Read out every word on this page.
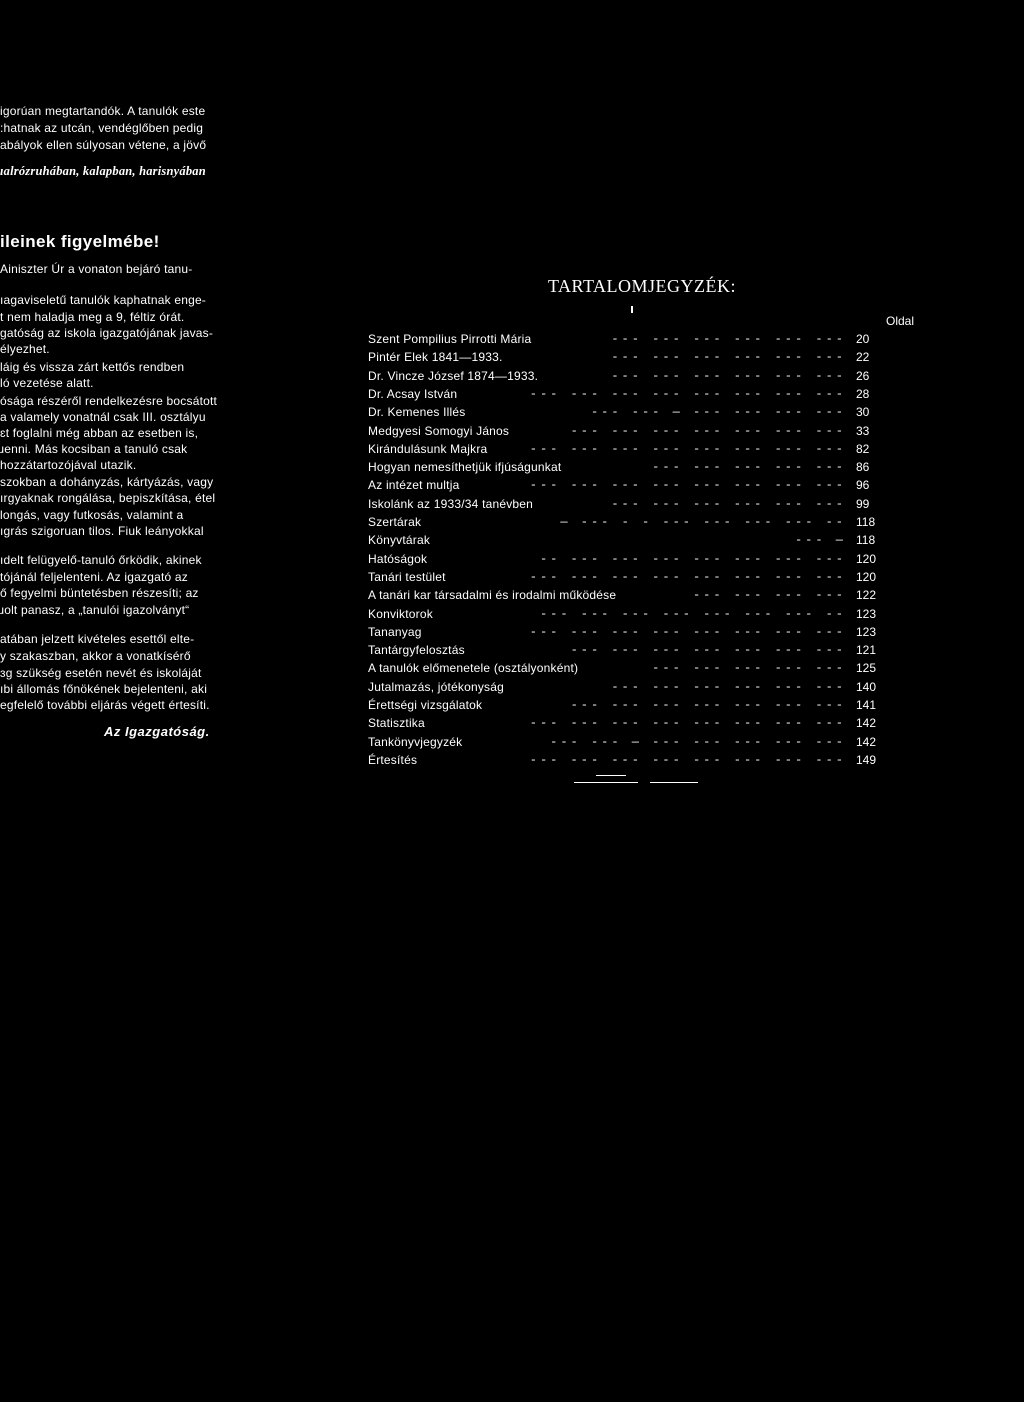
igorúan megtartandók. A tanulók este
:hatnak az utcán, vendéglőben pedig
abályok ellen súlyosan vétene, a jövő
ıalrózruhában, kalapban, harisnyában
ileinek figyelmébe!
Ainiszter Úr a vonaton bejáró tanu-
ıagaviseletű tanulók kaphatnak enge-
t nem haladja meg a 9, féltiz órát.
gatóság az iskola igazgatójának javas-
élyezhet.
láig és vissza zárt kettős rendben
ló vezetése alatt.
ósága részéről rendelkezésre bocsátott
a valamely vonatnál csak III. osztályu
ɛt foglalni még abban az esetben is,
ɹenni. Más kocsiban a tanuló csak
hozzátartozójával utazik.
szokban a dohányzás, kártyázás, vagy
ırgyaknak rongálása, bepiszkítása, étel
longás, vagy futkosás, valamint a
ıgrás szigoruan tilos. Fiuk leányokkal
ıdelt felügyelő-tanuló őrködik, akinek
tójánál feljelenteni. Az igazgató az
ő fegyelmi büntetésben részesíti; az
ɹolt panasz, a „tanulói igazolványt“
atában jelzett kivételes esettől elte-
y szakaszban, akkor a vonatkísérő
ɜg szükség esetén nevét és iskoláját
ıbi állomás főnökének bejelenteni, aki
egfelelő további eljárás végett értesíti.
Az Igazgatóság.
TARTALOMJEGYZÉK:
Oldal
Szent Pompilius Pirrotti Mária	--- --- --- --- --- --- 20
Pintér Elek 1841—1933.	--- --- --- --- --- --- 22
Dr. Vincze József 1874—1933.	--- --- --- --- --- --- 26
Dr. Acsay István	--- --- --- --- --- --- --- --- 28
Dr. Kemenes Illés	--- --- — --- --- --- --- 30
Medgyesi Somogyi János	--- --- --- --- --- --- --- 33
Kirándulásunk Majkra	--- --- --- --- --- --- --- --- 82
Hogyan nemesíthetjük ifjúságunkat	--- --- --- --- --- 86
Az intézet multja	--- --- --- --- --- --- --- --- 96
Iskolánk az 1933/34 tanévben	--- --- --- --- --- --- 99
Szertárak	— --- - - --- --- --- --- -- 118
Könyvtárak	--- — 118
Hatóságok	-- --- --- --- --- --- --- --- 120
Tanári testület	--- --- --- --- --- --- --- --- 120
A tanári kar társadalmi és irodalmi működése	--- --- --- --- 122
Konviktorok	--- --- --- --- --- --- --- -- 123
Tananyag	--- --- --- --- --- --- --- --- 123
Tantárgyfelosztás	--- --- --- --- --- --- --- 121
A tanulók előmenetele (osztályonként)	--- --- --- --- --- 125
Jutalmazás, jótékonyság	--- --- --- --- --- --- 140
Érettségi vizsgálatok	--- --- --- --- --- --- --- 141
Statisztika	--- --- --- --- --- --- --- --- 142
Tankönyvjegyzék	--- --- — --- --- --- --- --- 142
Értesítés	--- --- --- --- --- --- --- --- 149
